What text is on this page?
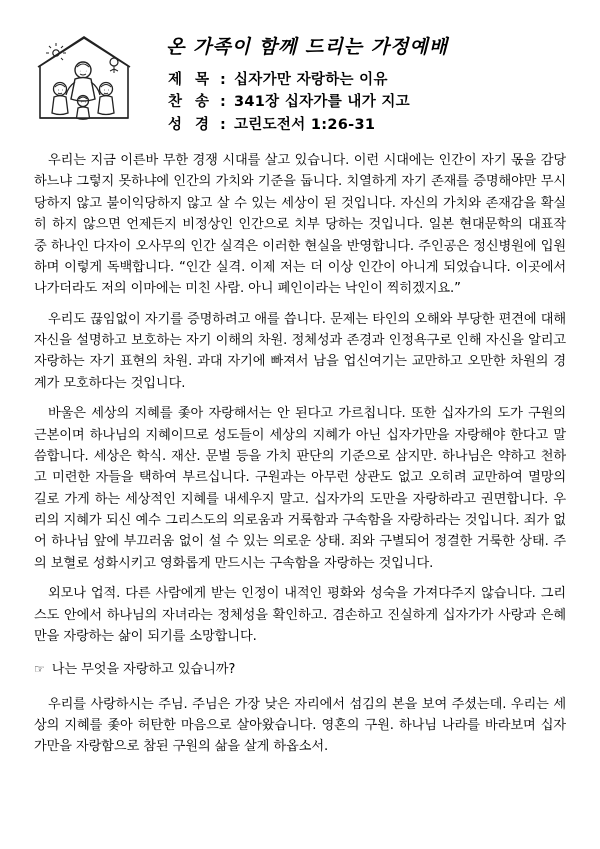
온 가족이 함께 드리는 가정예배
제 목 : 십자가만 자랑하는 이유
찬 송 : 341장 십자가를 내가 지고
성 경 : 고린도전서 1:26-31

우리는 지금 이른바 무한 경쟁 시대를 살고 있습니다. 이런 시대에는 인간이 자기 몫을 감당하느냐 그렇지 못하냐에 인간의 가치와 기준을 둡니다. 치열하게 자기 존재를 증명해야만 무시당하지 않고 불이익당하지 않고 살 수 있는 세상이 된 것입니다. 자신의 가치와 존재감을 확실히 하지 않으면 언제든지 비정상인 인간으로 치부 당하는 것입니다. 일본 현대문학의 대표작 중 하나인 다자이 오사무의 인간 실격은 이러한 현실을 반영합니다. 주인공은 정신병원에 입원하며 이렇게 독백합니다. “인간 실격. 이제 저는 더 이상 인간이 아니게 되었습니다. 이곳에서 나가더라도 저의 이마에는 미친 사람. 아니 폐인이라는 낙인이 찍히겠지요.”

우리도 끊임없이 자기를 증명하려고 애를 씁니다. 문제는 타인의 오해와 부당한 편견에 대해 자신을 설명하고 보호하는 자기 이해의 차원. 정체성과 존경과 인정욕구로 인해 자신을 알리고 자랑하는 자기 표현의 차원. 과대 자기에 빠져서 남을 업신여기는 교만하고 오만한 차원의 경계가 모호하다는 것입니다.

바울은 세상의 지혜를 좇아 자랑해서는 안 된다고 가르칩니다. 또한 십자가의 도가 구원의 근본이며 하나님의 지혜이므로 성도들이 세상의 지혜가 아닌 십자가만을 자랑해야 한다고 말씀합니다. 세상은 학식. 재산. 문벌 등을 가치 판단의 기준으로 삼지만. 하나님은 약하고 천하고 미련한 자들을 택하여 부르십니다. 구원과는 아무런 상관도 없고 오히려 교만하여 멸망의 길로 가게 하는 세상적인 지혜를 내세우지 말고. 십자가의 도만을 자랑하라고 권면합니다. 우리의 지혜가 되신 예수 그리스도의 의로움과 거룩함과 구속함을 자랑하라는 것입니다. 죄가 없어 하나님 앞에 부끄러움 없이 설 수 있는 의로운 상태. 죄와 구별되어 정결한 거룩한 상태. 주의 보혈로 성화시키고 영화롭게 만드시는 구속함을 자랑하는 것입니다.

외모나 업적. 다른 사람에게 받는 인정이 내적인 평화와 성숙을 가져다주지 않습니다. 그리스도 안에서 하나님의 자녀라는 정체성을 확인하고. 겸손하고 진실하게 십자가가 사랑과 은혜만을 자랑하는 삶이 되기를 소망합니다.

☞ 나는 무엇을 자랑하고 있습니까?

우리를 사랑하시는 주님. 주님은 가장 낮은 자리에서 섬김의 본을 보여 주셨는데. 우리는 세상의 지혜를 좇아 허탄한 마음으로 살아왔습니다. 영혼의 구원. 하나님 나라를 바라보며 십자가만을 자랑함으로 참된 구원의 삶을 살게 하옵소서.
